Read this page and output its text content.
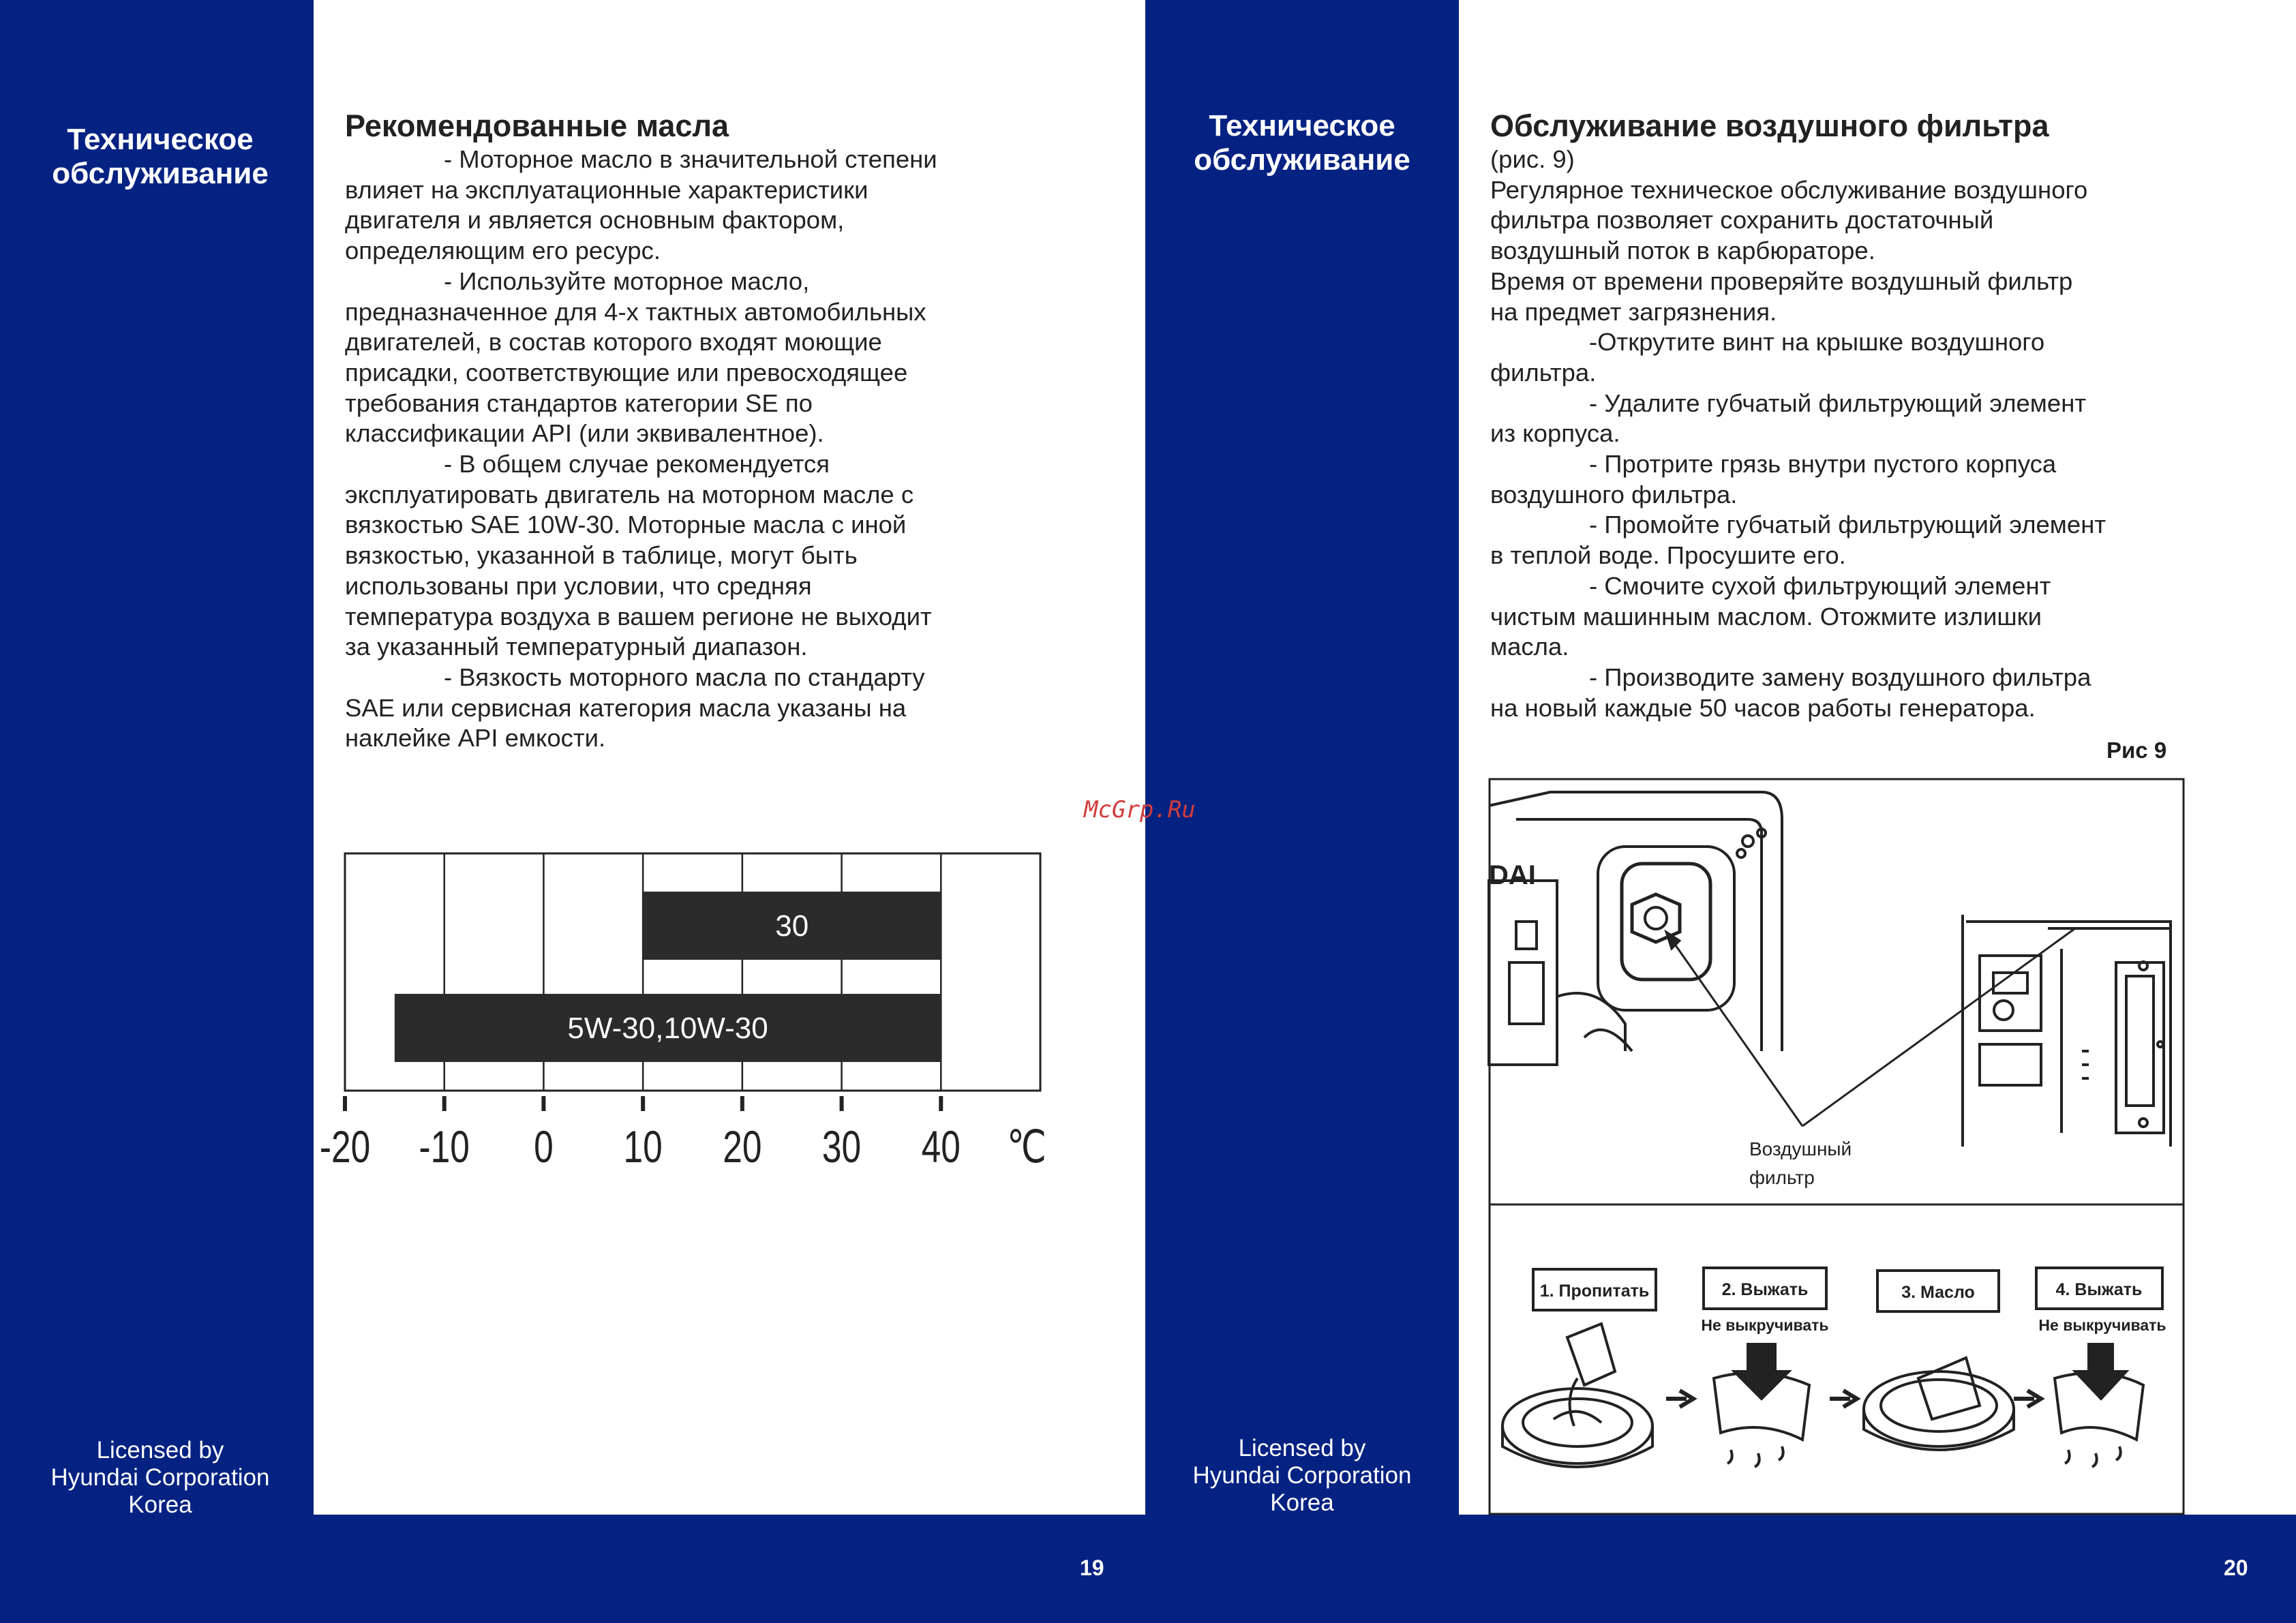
Техническое
обслуживание
Licensed by
Hyundai Corporation
Korea
19
Рекомендованные масла

- Моторное масло в значительной степени

влияет на эксплуатационные характеристики

двигателя и является основным фактором,

определяющим его ресурс.

- Используйте моторное масло,

предназначенное для 4-х тактных автомобильных

двигателей, в состав которого входят моющие

присадки, соответствующие или превосходящее

требования стандартов категории SE по

классификации API (или эквивалентное).

- В общем случае рекомендуется

эксплуатировать двигатель на моторном масле с

вязкостью SAE 10W-30. Моторные масла с иной

вязкостью, указанной в таблице, могут быть

использованы при условии, что средняя

температура воздуха в вашем регионе не выходит

за указанный температурный диапазон.

- Вязкость моторного масла по стандарту

SAE или сервисная категория масла указаны на

наклейке API емкости.

30
5W-30,10W-30
-20 -10 0 10 20 30 40 ℃
McGrp.Ru
Техническое
обслуживание
Licensed by
Hyundai Corporation
Korea
20
Обслуживание воздушного фильтра

(рис. 9)

Регулярное техническое обслуживание воздушного

фильтра позволяет сохранить достаточный

воздушный поток в карбюраторе.

Время от времени проверяйте воздушный фильтр

на предмет загрязнения.

-Открутите винт на крышке воздушного

фильтра.

- Удалите губчатый фильтрующий элемент

из корпуса.

- Протрите грязь внутри пустого корпуса

воздушного фильтра.

- Промойте губчатый фильтрующий элемент

в теплой воде. Просушите его.

- Смочите сухой фильтрующий элемент

чистым машинным маслом. Отожмите излишки

масла.

- Производите замену воздушного фильтра

на новый каждые 50 часов работы генератора.

Рис 9
DAI
Воздушный
фильтр
1. Пропитать	2. Выжать
Не выкручивать
3. Масло	4. Выжать
Не выкручивать
